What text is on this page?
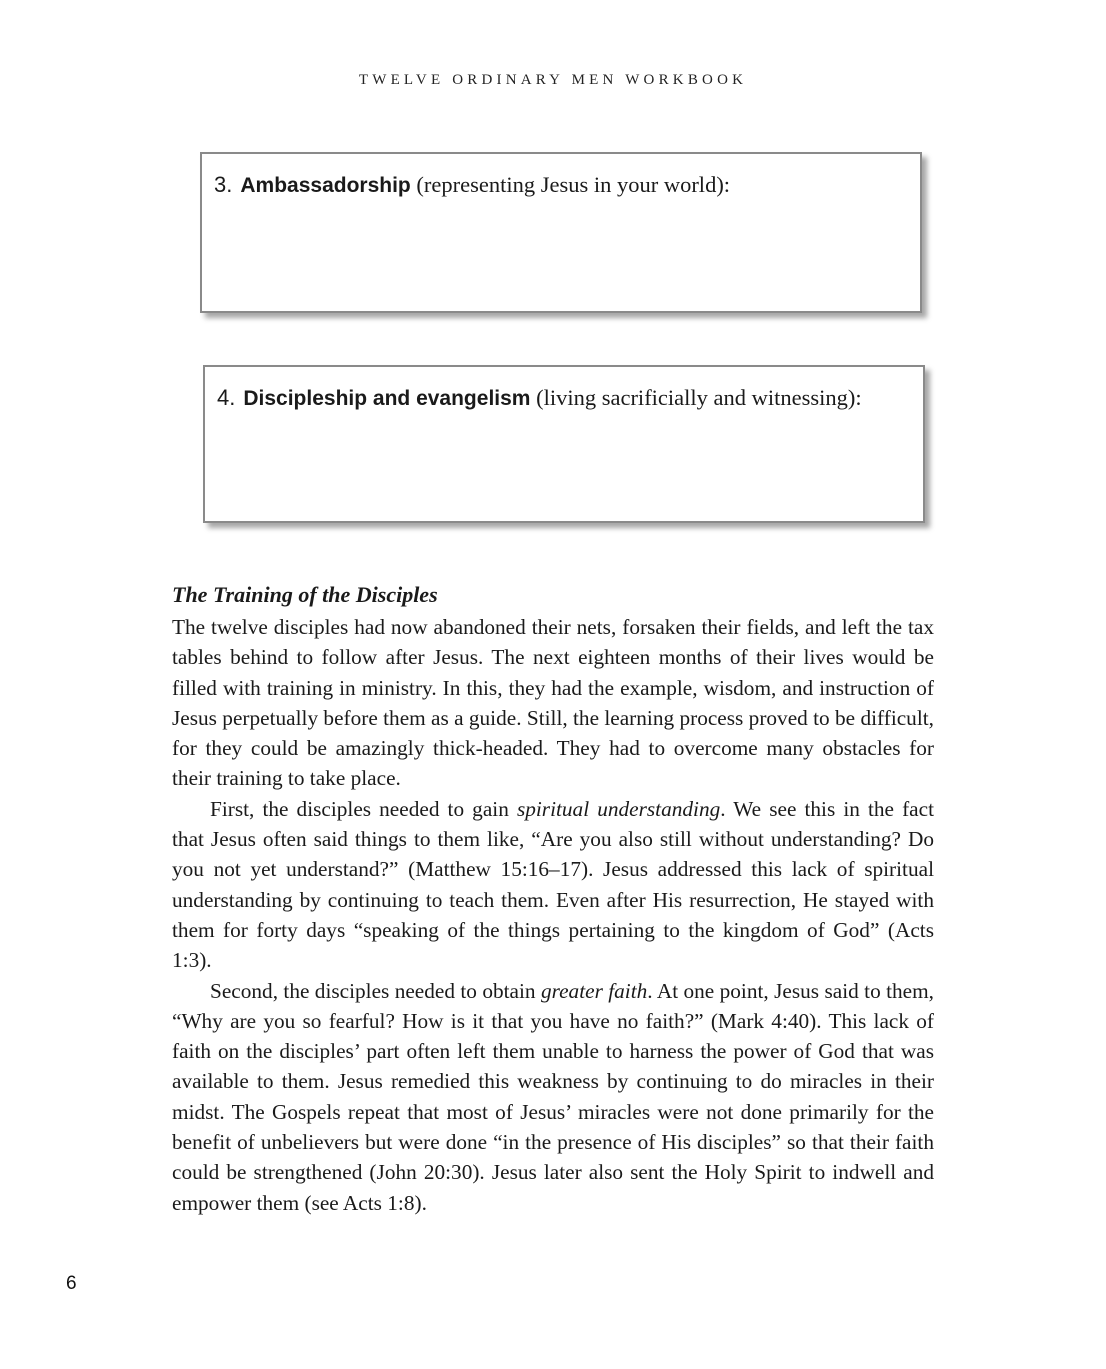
TWELVE ORDINARY MEN WORKBOOK
3. Ambassadorship (representing Jesus in your world):
4. Discipleship and evangelism (living sacrificially and witnessing):
The Training of the Disciples

The twelve disciples had now abandoned their nets, forsaken their fields, and left the tax tables behind to follow after Jesus. The next eighteen months of their lives would be filled with training in ministry. In this, they had the example, wisdom, and instruction of Jesus perpetually before them as a guide. Still, the learning process proved to be difficult, for they could be amazingly thick-headed. They had to overcome many obstacles for their training to take place.

First, the disciples needed to gain spiritual understanding. We see this in the fact that Jesus often said things to them like, “Are you also still without understanding? Do you not yet understand?” (Matthew 15:16–17). Jesus addressed this lack of spiritual understanding by continuing to teach them. Even after His resurrection, He stayed with them for forty days “speaking of the things pertaining to the kingdom of God” (Acts 1:3).

Second, the disciples needed to obtain greater faith. At one point, Jesus said to them, “Why are you so fearful? How is it that you have no faith?” (Mark 4:40). This lack of faith on the disciples’ part often left them unable to harness the power of God that was available to them. Jesus remedied this weakness by continuing to do miracles in their midst. The Gospels repeat that most of Jesus’ miracles were not done primarily for the benefit of unbelievers but were done “in the presence of His disciples” so that their faith could be strengthened (John 20:30). Jesus later also sent the Holy Spirit to indwell and empower them (see Acts 1:8).

6
